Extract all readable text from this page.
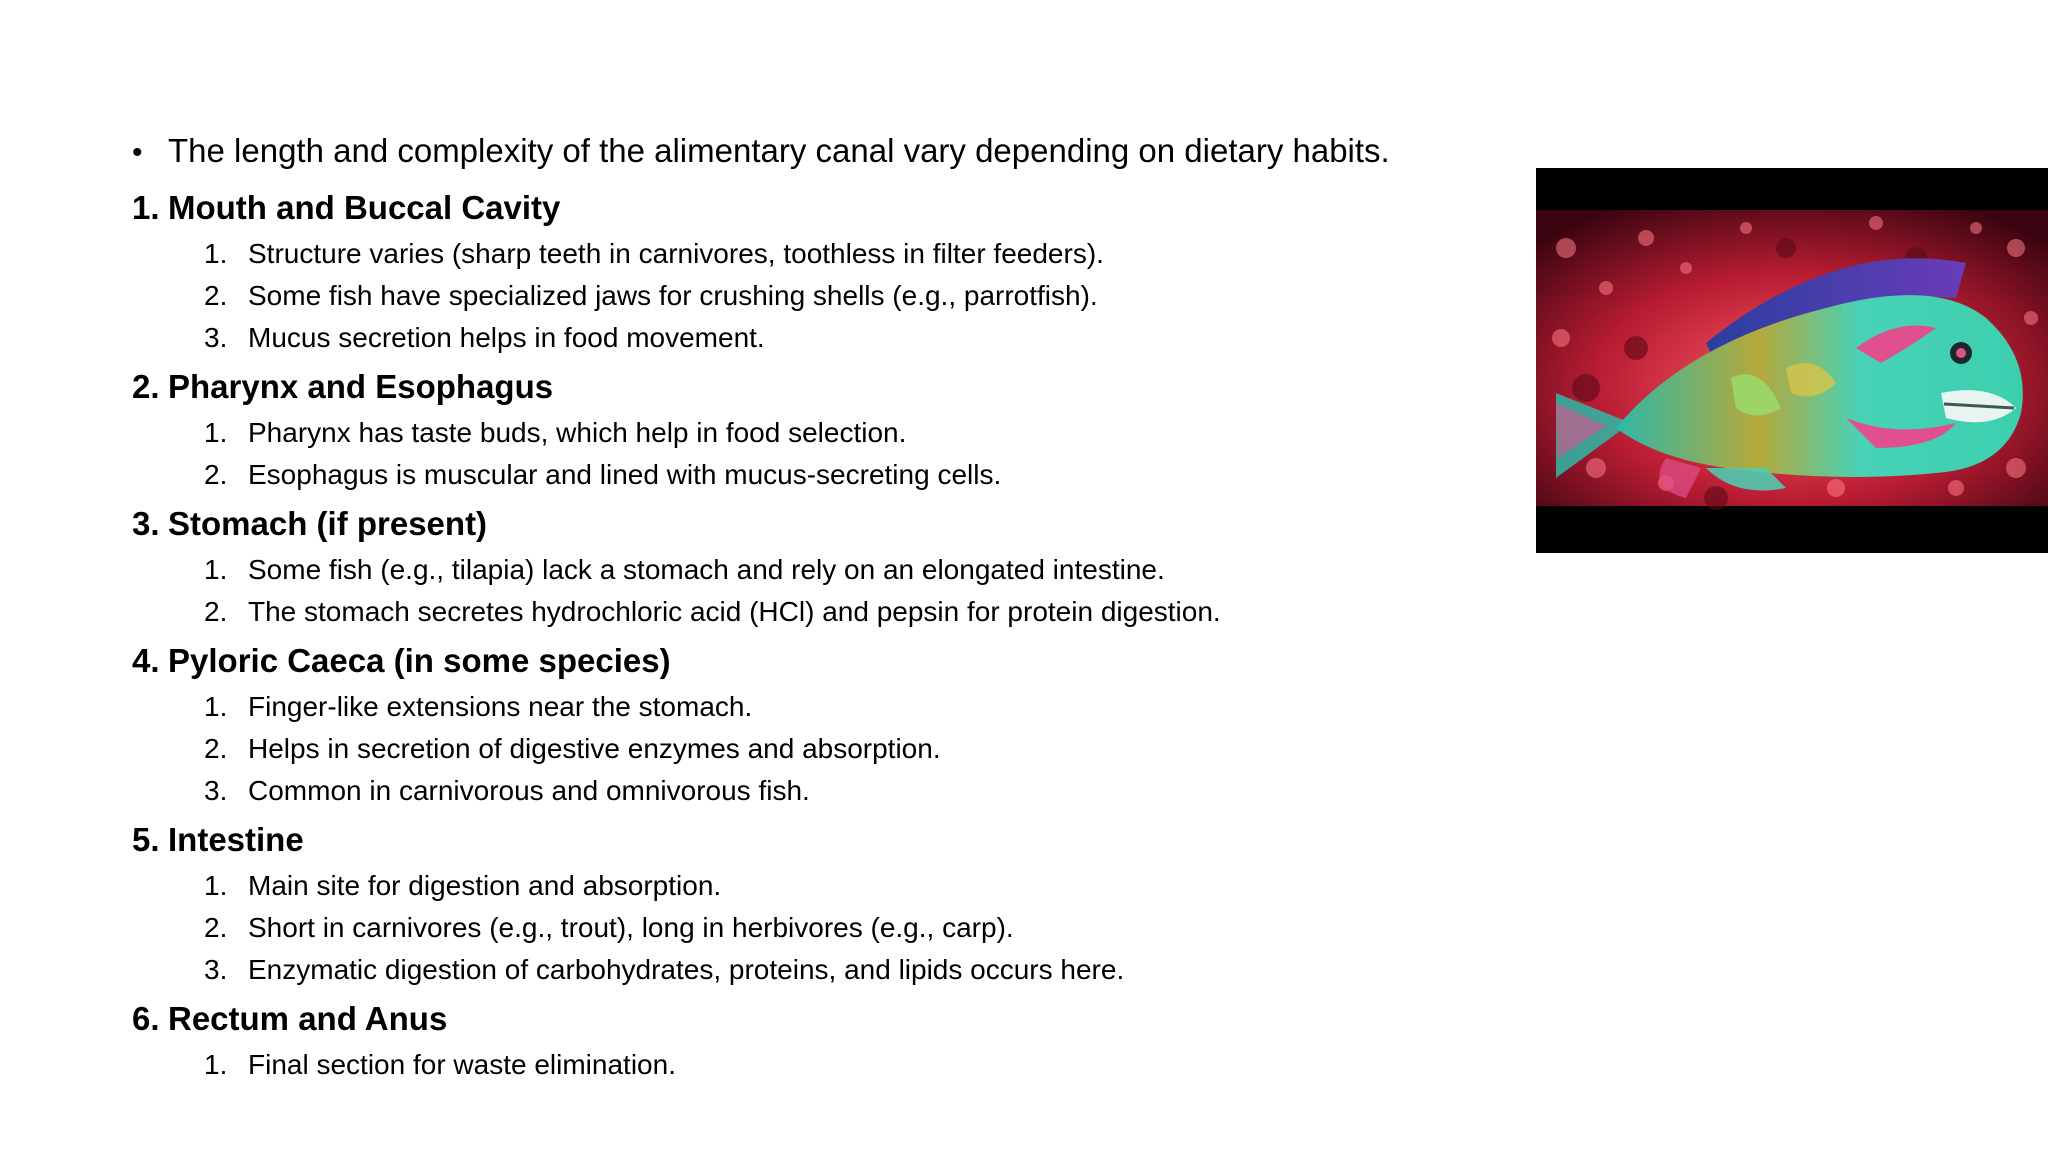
• The length and complexity of the alimentary canal vary depending on dietary habits.

1. Mouth and Buccal Cavity
1. Structure varies (sharp teeth in carnivores, toothless in filter feeders).
2. Some fish have specialized jaws for crushing shells (e.g., parrotfish).
3. Mucus secretion helps in food movement.
2. Pharynx and Esophagus
1. Pharynx has taste buds, which help in food selection.
2. Esophagus is muscular and lined with mucus-secreting cells.
3. Stomach (if present)
1. Some fish (e.g., tilapia) lack a stomach and rely on an elongated intestine.
2. The stomach secretes hydrochloric acid (HCl) and pepsin for protein digestion.
4. Pyloric Caeca (in some species)
1. Finger-like extensions near the stomach.
2. Helps in secretion of digestive enzymes and absorption.
3. Common in carnivorous and omnivorous fish.
5. Intestine
1. Main site for digestion and absorption.
2. Short in carnivores (e.g., trout), long in herbivores (e.g., carp).
3. Enzymatic digestion of carbohydrates, proteins, and lipids occurs here.
6. Rectum and Anus
1. Final section for waste elimination.
